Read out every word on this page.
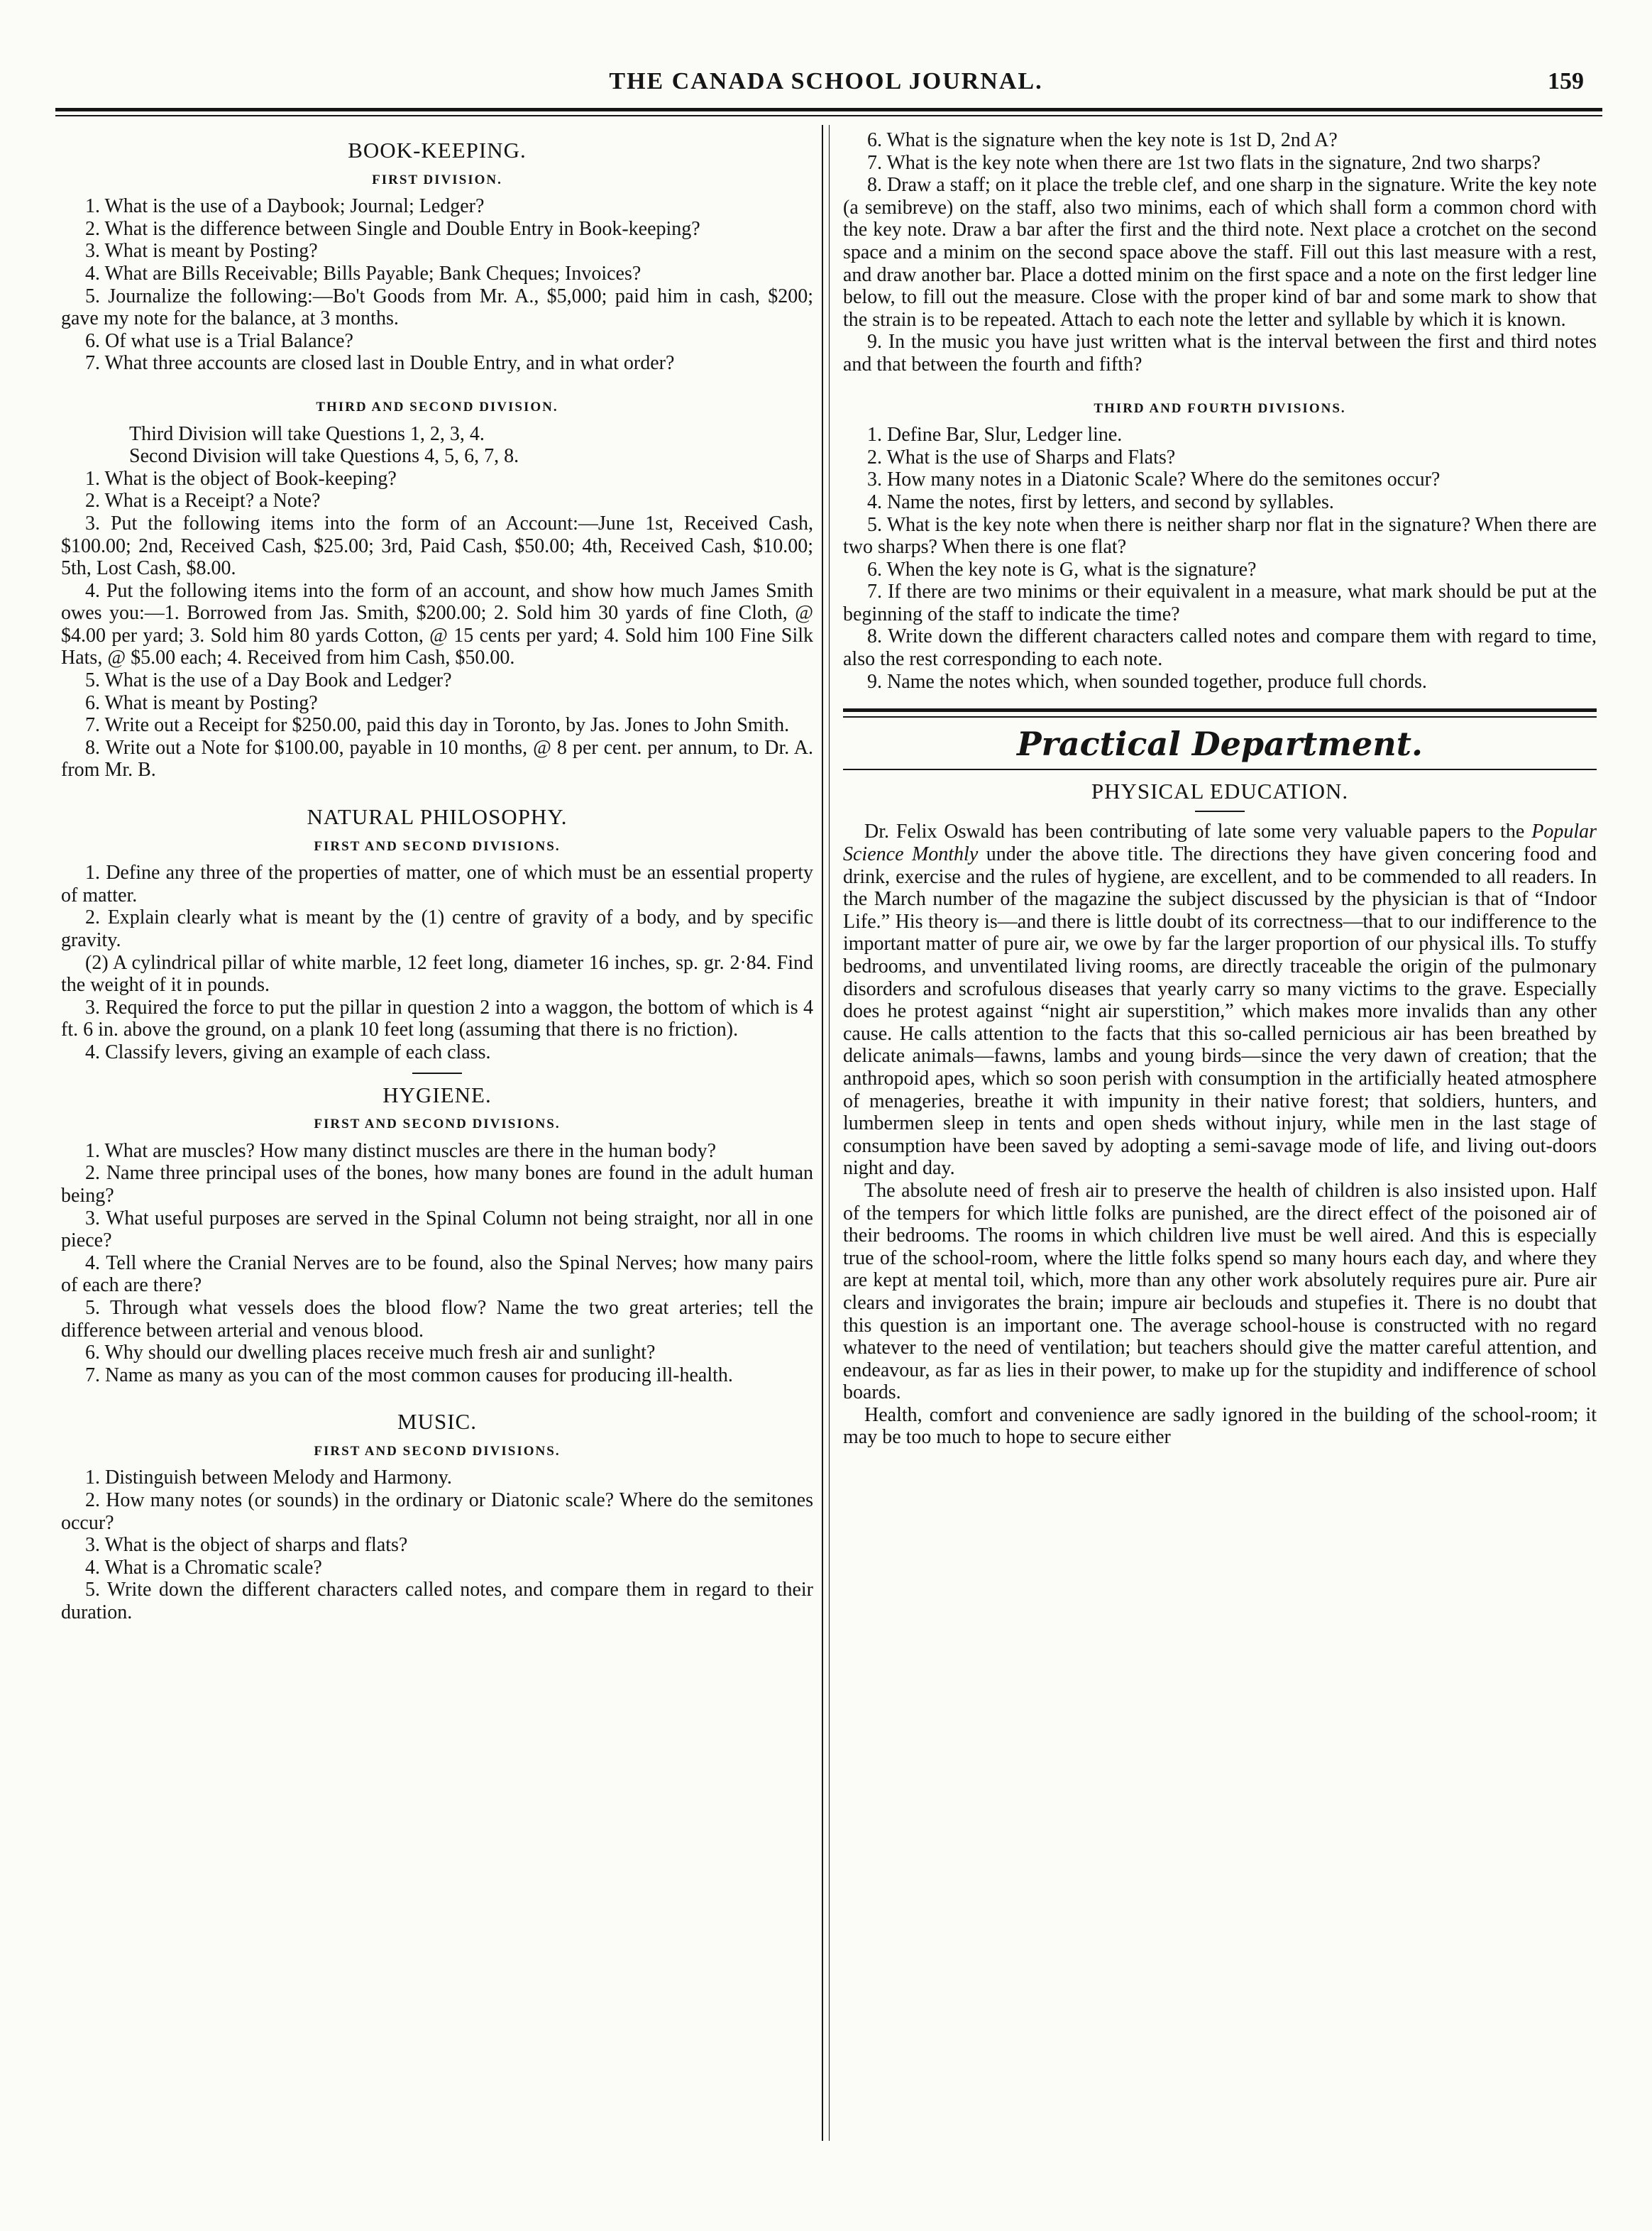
THE CANADA SCHOOL JOURNAL.	159
BOOK-KEEPING.
FIRST DIVISION.

1. What is the use of a Daybook; Journal; Ledger?

2. What is the difference between Single and Double Entry in Book-keeping?

3. What is meant by Posting?

4. What are Bills Receivable; Bills Payable; Bank Cheques; Invoices?

5. Journalize the following:—Bo't Goods from Mr. A., $5,000; paid him in cash, $200; gave my note for the balance, at 3 months.

6. Of what use is a Trial Balance?

7. What three accounts are closed last in Double Entry, and in what order?

THIRD AND SECOND DIVISION.

Third Division will take Questions 1, 2, 3, 4.

Second Division will take Questions 4, 5, 6, 7, 8.

1. What is the object of Book-keeping?

2. What is a Receipt? a Note?

3. Put the following items into the form of an Account:—June 1st, Received Cash, $100.00; 2nd, Received Cash, $25.00; 3rd, Paid Cash, $50.00; 4th, Received Cash, $10.00; 5th, Lost Cash, $8.00.

4. Put the following items into the form of an account, and show how much James Smith owes you:—1. Borrowed from Jas. Smith, $200.00; 2. Sold him 30 yards of fine Cloth, @ $4.00 per yard; 3. Sold him 80 yards Cotton, @ 15 cents per yard; 4. Sold him 100 Fine Silk Hats, @ $5.00 each; 4. Received from him Cash, $50.00.

5. What is the use of a Day Book and Ledger?

6. What is meant by Posting?

7. Write out a Receipt for $250.00, paid this day in Toronto, by Jas. Jones to John Smith.

8. Write out a Note for $100.00, payable in 10 months, @ 8 per cent. per annum, to Dr. A. from Mr. B.

NATURAL PHILOSOPHY.
FIRST AND SECOND DIVISIONS.

1. Define any three of the properties of matter, one of which must be an essential property of matter.

2. Explain clearly what is meant by the (1) centre of gravity of a body, and by specific gravity.

(2) A cylindrical pillar of white marble, 12 feet long, diameter 16 inches, sp. gr. 2·84. Find the weight of it in pounds.

3. Required the force to put the pillar in question 2 into a waggon, the bottom of which is 4 ft. 6 in. above the ground, on a plank 10 feet long (assuming that there is no friction).

4. Classify levers, giving an example of each class.

HYGIENE.
FIRST AND SECOND DIVISIONS.

1. What are muscles? How many distinct muscles are there in the human body?

2. Name three principal uses of the bones, how many bones are found in the adult human being?

3. What useful purposes are served in the Spinal Column not being straight, nor all in one piece?

4. Tell where the Cranial Nerves are to be found, also the Spinal Nerves; how many pairs of each are there?

5. Through what vessels does the blood flow? Name the two great arteries; tell the difference between arterial and venous blood.

6. Why should our dwelling places receive much fresh air and sunlight?

7. Name as many as you can of the most common causes for producing ill-health.

MUSIC.
FIRST AND SECOND DIVISIONS.

1. Distinguish between Melody and Harmony.

2. How many notes (or sounds) in the ordinary or Diatonic scale? Where do the semitones occur?

3. What is the object of sharps and flats?

4. What is a Chromatic scale?

5. Write down the different characters called notes, and compare them in regard to their duration.

6. What is the signature when the key note is 1st D, 2nd A?

7. What is the key note when there are 1st two flats in the signature, 2nd two sharps?

8. Draw a staff; on it place the treble clef, and one sharp in the signature. Write the key note (a semibreve) on the staff, also two minims, each of which shall form a common chord with the key note. Draw a bar after the first and the third note. Next place a crotchet on the second space and a minim on the second space above the staff. Fill out this last measure with a rest, and draw another bar. Place a dotted minim on the first space and a note on the first ledger line below, to fill out the measure. Close with the proper kind of bar and some mark to show that the strain is to be repeated. Attach to each note the letter and syllable by which it is known.

9. In the music you have just written what is the interval between the first and third notes and that between the fourth and fifth?

THIRD AND FOURTH DIVISIONS.

1. Define Bar, Slur, Ledger line.

2. What is the use of Sharps and Flats?

3. How many notes in a Diatonic Scale? Where do the semitones occur?

4. Name the notes, first by letters, and second by syllables.

5. What is the key note when there is neither sharp nor flat in the signature? When there are two sharps? When there is one flat?

6. When the key note is G, what is the signature?

7. If there are two minims or their equivalent in a measure, what mark should be put at the beginning of the staff to indicate the time?

8. Write down the different characters called notes and compare them with regard to time, also the rest corresponding to each note.

9. Name the notes which, when sounded together, produce full chords.

Practical Department.
PHYSICAL EDUCATION.

Dr. Felix Oswald has been contributing of late some very valuable papers to the Popular Science Monthly under the above title. The directions they have given concering food and drink, exercise and the rules of hygiene, are excellent, and to be commended to all readers. In the March number of the magazine the subject discussed by the physician is that of “Indoor Life.” His theory is—and there is little doubt of its correctness—that to our indifference to the important matter of pure air, we owe by far the larger proportion of our physical ills. To stuffy bedrooms, and unventilated living rooms, are directly traceable the origin of the pulmonary disorders and scrofulous diseases that yearly carry so many victims to the grave. Especially does he protest against “night air superstition,” which makes more invalids than any other cause. He calls attention to the facts that this so-called pernicious air has been breathed by delicate animals—fawns, lambs and young birds—since the very dawn of creation; that the anthropoid apes, which so soon perish with consumption in the artificially heated atmosphere of menageries, breathe it with impunity in their native forest; that soldiers, hunters, and lumbermen sleep in tents and open sheds without injury, while men in the last stage of consumption have been saved by adopting a semi-savage mode of life, and living out-doors night and day.

The absolute need of fresh air to preserve the health of children is also insisted upon. Half of the tempers for which little folks are punished, are the direct effect of the poisoned air of their bedrooms. The rooms in which children live must be well aired. And this is especially true of the school-room, where the little folks spend so many hours each day, and where they are kept at mental toil, which, more than any other work absolutely requires pure air. Pure air clears and invigorates the brain; impure air beclouds and stupefies it. There is no doubt that this question is an important one. The average school-house is constructed with no regard whatever to the need of ventilation; but teachers should give the matter careful attention, and endeavour, as far as lies in their power, to make up for the stupidity and indifference of school boards.

Health, comfort and convenience are sadly ignored in the building of the school-room; it may be too much to hope to secure either
